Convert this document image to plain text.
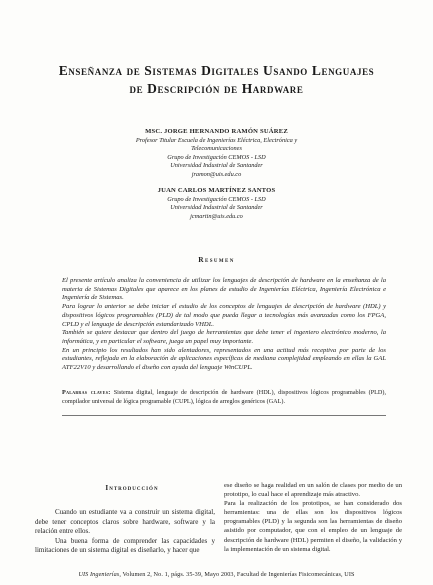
Enseñanza de Sistemas Digitales Usando Lenguajes
de Descripción de Hardware
MSC. JORGE HERNANDO RAMÓN SUÁREZ
Profesor Titular Escuela de Ingenierías Eléctrica, Electrónica y
Telecomunicaciones
Grupo de Investigación CEMOS - LSD
Universidad Industrial de Santander
jramon@uis.edu.co
JUAN CARLOS MARTÍNEZ SANTOS
Grupo de Investigación CEMOS - LSD
Universidad Industrial de Santander
jcmartin@uis.edu.co
Resumen

El presente artículo analiza la conveniencia de utilizar los lenguajes de descripción de hardware en la enseñanza de la materia de Sistemas Digitales que aparece en los planes de estudio de Ingenierías Eléctrica, Ingeniería Electrónica e Ingeniería de Sistemas.

Para lograr lo anterior se debe iniciar el estudio de los conceptos de lenguajes de descripción de hardware (HDL) y dispositivos lógicos programables (PLD) de tal modo que pueda llegar a tecnologías más avanzadas como los FPGA, CPLD y el lenguaje de descripción estandarizado VHDL.

También se quiere destacar que dentro del juego de herramientas que debe tener el ingeniero electrónico moderno, la informática, y en particular el software, juega un papel muy importante.

En un principio los resultados han sido alentadores, representados en una actitud más receptiva por parte de los estudiantes, reflejada en la elaboración de aplicaciones específicas de mediana complejidad empleando en ellas la GAL ATF22V10 y desarrollando el diseño con ayuda del lenguaje WinCUPL.

Palabras claves: Sistema digital, lenguaje de descripción de hardware (HDL), dispositivos lógicos programables (PLD), compilador universal de lógica programable (CUPL), lógica de arreglos genéricos (GAL).
Introducción

Cuando un estudiante va a construir un sistema digital, debe tener conceptos claros sobre hardware, software y la relación entre ellos.

Una buena forma de comprender las capacidades y limitaciones de un sistema digital es diseñarlo, y hacer que

ese diseño se haga realidad en un salón de clases por medio de un prototipo, lo cual hace el aprendizaje más atractivo.

Para la realización de los prototipos, se han considerado dos herramientas: una de ellas son los dispositivos lógicos programables (PLD) y la segunda son las herramientas de diseño asistido por computador, que con el empleo de un lenguaje de descripción de hardware (HDL) permiten el diseño, la validación y la implementación de un sistema digital.

UIS Ingenierías, Volumen 2, No. 1, págs. 35-39, Mayo 2003, Facultad de Ingenierías Fisicomecánicas, UIS
